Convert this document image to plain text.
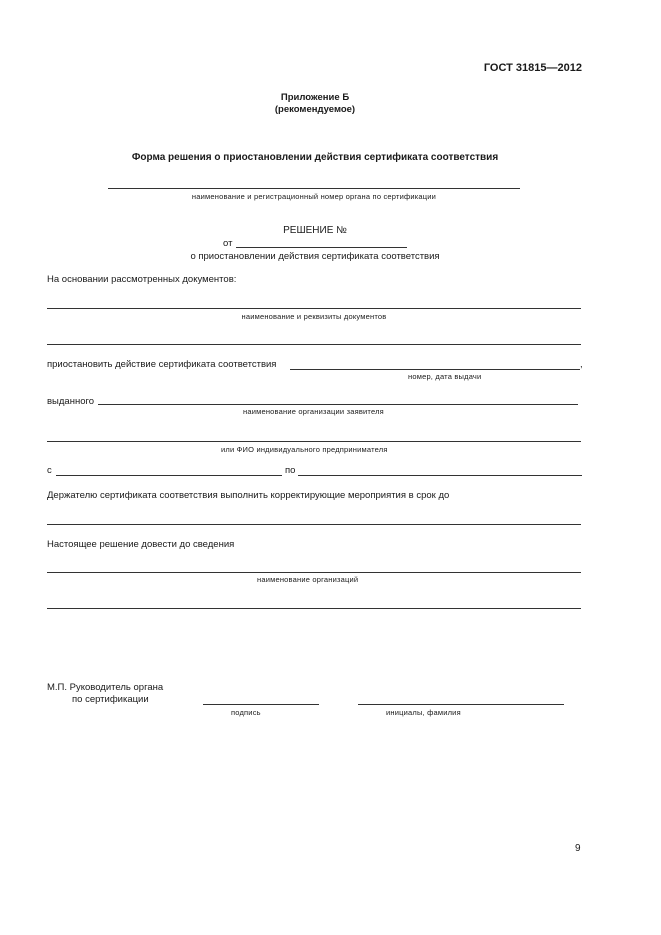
ГОСТ 31815—2012
Приложение Б
(рекомендуемое)
Форма решения о приостановлении действия сертификата соответствия
наименование и регистрационный номер органа по сертификации
РЕШЕНИЕ №
от
о приостановлении действия сертификата соответствия
На основании рассмотренных документов:
наименование и реквизиты документов
приостановить действие сертификата соответствия	,
номер, дата выдачи
выданного
наименование организации заявителя
или ФИО индивидуального предпринимателя
с	по
Держателю сертификата соответствия выполнить корректирующие мероприятия в срок до
Настоящее решение довести до сведения
наименование организаций
М.П. Руководитель органа
по сертификации
подпись	инициалы, фамилия
9
